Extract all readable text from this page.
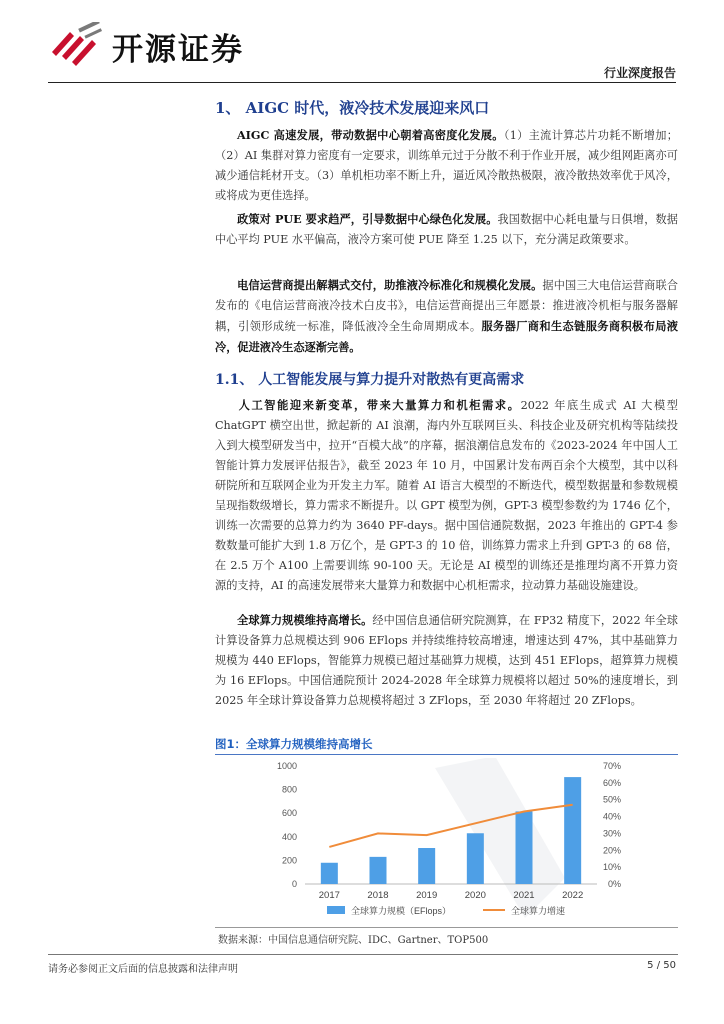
开源证券
行业深度报告
1、 AIGC 时代，液冷技术发展迎来风口

AIGC 高速发展，带动数据中心朝着高密度化发展。（1）主流计算芯片功耗不断增加；（2）AI 集群对算力密度有一定要求，训练单元过于分散不利于作业开展，减少组网距离亦可减少通信耗材开支。（3）单机柜功率不断上升，逼近风冷散热极限，液冷散热效率优于风冷，或将成为更佳选择。

政策对 PUE 要求趋严，引导数据中心绿色化发展。我国数据中心耗电量与日俱增，数据中心平均 PUE 水平偏高，液冷方案可使 PUE 降至 1.25 以下，充分满足政策要求。

电信运营商提出解耦式交付，助推液冷标准化和规模化发展。据中国三大电信运营商联合发布的《电信运营商液冷技术白皮书》，电信运营商提出三年愿景：推进液冷机柜与服务器解耦，引领形成统一标准，降低液冷全生命周期成本。服务器厂商和生态链服务商积极布局液冷，促进液冷生态逐渐完善。

1.1、 人工智能发展与算力提升对散热有更高需求

人工智能迎来新变革，带来大量算力和机柜需求。2022 年底生成式 AI 大模型 ChatGPT 横空出世，掀起新的 AI 浪潮，海内外互联网巨头、科技企业及研究机构等陆续投入到大模型研发当中，拉开“百模大战”的序幕，据浪潮信息发布的《2023-2024 年中国人工智能计算力发展评估报告》，截至 2023 年 10 月，中国累计发布两百余个大模型，其中以科研院所和互联网企业为开发主力军。随着 AI 语言大模型的不断迭代，模型数据量和参数规模呈现指数级增长，算力需求不断提升。以 GPT 模型为例，GPT-3 模型参数约为 1746 亿个，训练一次需要的总算力约为 3640 PF-days。据中国信通院数据，2023 年推出的 GPT-4 参数数量可能扩大到 1.8 万亿个，是 GPT-3 的 10 倍，训练算力需求上升到 GPT-3 的 68 倍，在 2.5 万个 A100 上需要训练 90-100 天。无论是 AI 模型的训练还是推理均离不开算力资源的支持，AI 的高速发展带来大量算力和数据中心机柜需求，拉动算力基础设施建设。

全球算力规模维持高增长。经中国信息通信研究院测算，在 FP32 精度下，2022 年全球计算设备算力总规模达到 906 EFlops 并持续维持较高增速，增速达到 47%，其中基础算力规模为 440 EFlops，智能算力规模已超过基础算力规模，达到 451 EFlops，超算算力规模为 16 EFlops。中国信通院预计 2024-2028 年全球算力规模将以超过 50%的速度增长，到 2025 年全球计算设备算力总规模将超过 3 ZFlops，至 2030 年将超过 20 ZFlops。

图1：全球算力规模维持高增长
0
200
400
600
800
1000
0%
10%
20%
30%
40%
50%
60%
70%
2017	2018	2019	2020	2021	2022
全球算力规模（EFlops）	全球算力增速
数据来源：中国信息通信研究院、IDC、Gartner、TOP500
请务必参阅正文后面的信息披露和法律声明	5 / 50
